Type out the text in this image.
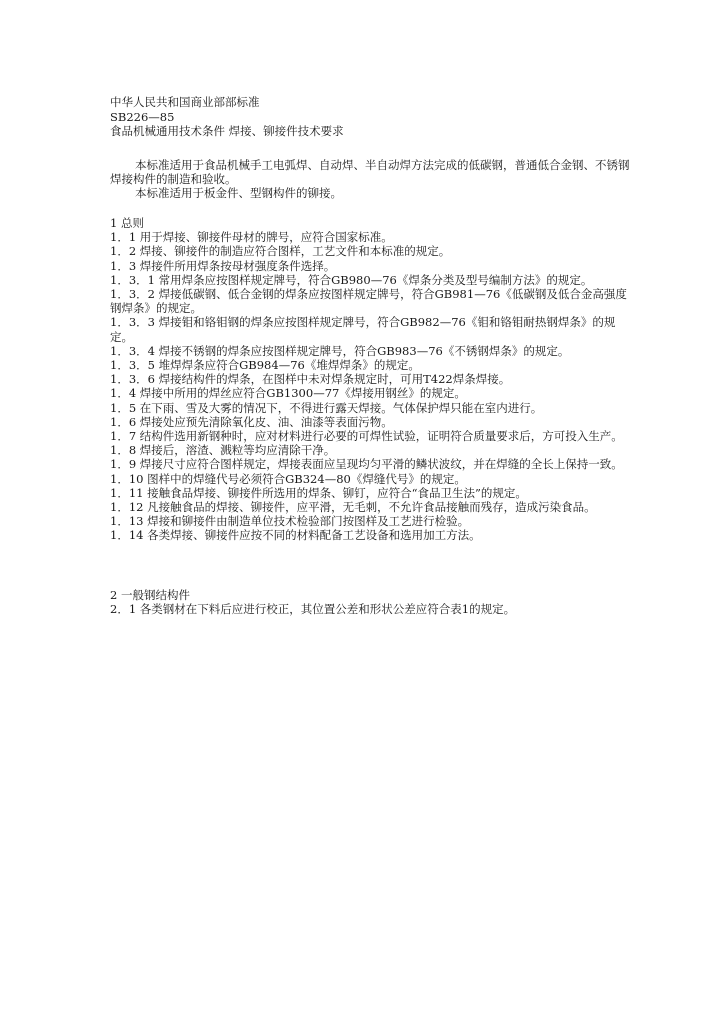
中华人民共和国商业部部标准
SB226—85
食品机械通用技术条件 焊接、铆接件技术要求

本标准适用于食品机械手工电弧焊、自动焊、半自动焊方法完成的低碳钢，普通低合金钢、不锈钢焊接构件的制造和验收。

本标准适用于板金件、型钢构件的铆接。

1 总则

1．1 用于焊接、铆接件母材的牌号，应符合国家标准。

1．2 焊接、铆接件的制造应符合图样，工艺文件和本标准的规定。

1．3 焊接件所用焊条按母材强度条件选择。

1．3．1 常用焊条应按图样规定牌号，符合GB980—76《焊条分类及型号编制方法》的规定。

1．3．2 焊接低碳钢、低合金钢的焊条应按图样规定牌号，符合GB981—76《低碳钢及低合金高强度钢焊条》的规定。

1．3．3 焊接钼和铬钼钢的焊条应按图样规定牌号，符合GB982—76《钼和铬钼耐热钢焊条》的规定。

1．3．4 焊接不锈钢的焊条应按图样规定牌号，符合GB983—76《不锈钢焊条》的规定。

1．3．5 堆焊焊条应符合GB984—76《堆焊焊条》的规定。

1．3．6 焊接结构件的焊条，在图样中未对焊条规定时，可用T422焊条焊接。

1．4 焊接中所用的焊丝应符合GB1300—77《焊接用钢丝》的规定。

1．5 在下雨、雪及大雾的情况下，不得进行露天焊接。气体保护焊只能在室内进行。

1．6 焊接处应预先清除氧化皮、油、油漆等表面污物。

1．7 结构件选用新钢种时，应对材料进行必要的可焊性试验，证明符合质量要求后，方可投入生产。

1．8 焊接后，溶渣、溅粒等均应清除干净。

1．9 焊接尺寸应符合图样规定，焊接表面应呈现均匀平滑的鳞状波纹，并在焊缝的全长上保持一致。

1．10 图样中的焊缝代号必须符合GB324—80《焊缝代号》的规定。

1．11 接触食品焊接、铆接件所选用的焊条、铆钉，应符合“食品卫生法”的规定。

1．12 凡接触食品的焊接、铆接件，应平滑，无毛刺，不允许食品接触而残存，造成污染食品。

1．13 焊接和铆接件由制造单位技术检验部门按图样及工艺进行检验。

1．14 各类焊接、铆接件应按不同的材料配备工艺设备和选用加工方法。

2 一般钢结构件

2．1 各类钢材在下料后应进行校正，其位置公差和形状公差应符合表1的规定。
